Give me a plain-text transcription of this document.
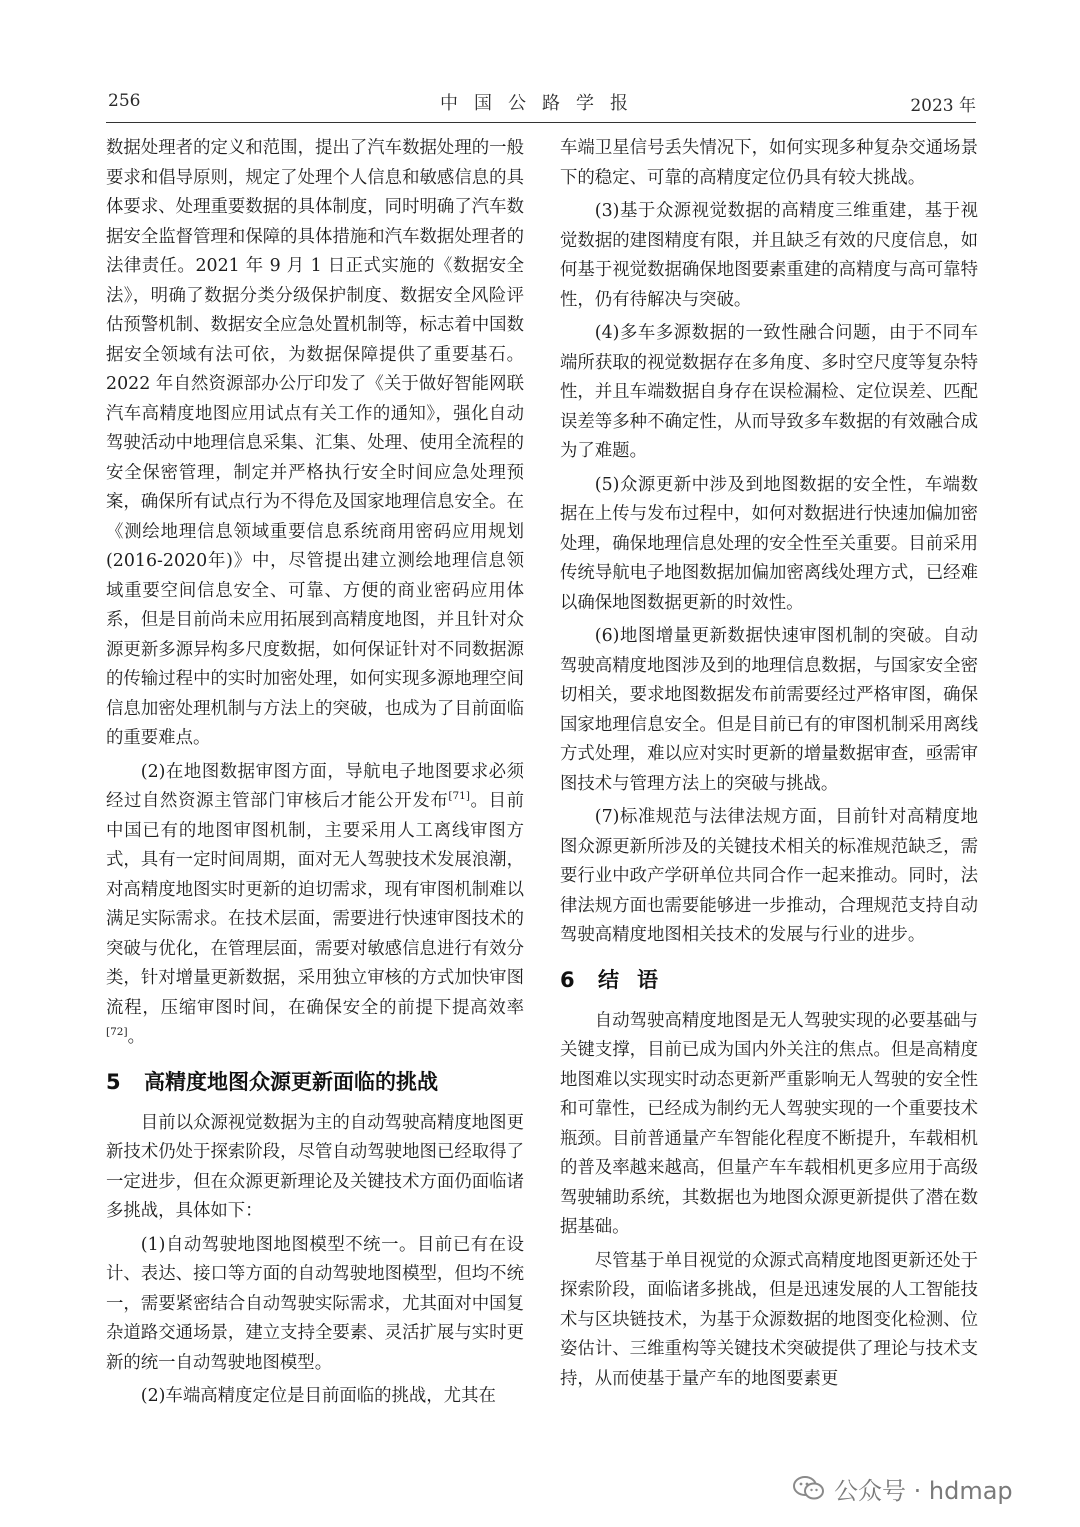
256	中国公路学报	2023 年

数据处理者的定义和范围，提出了汽车数据处理的一般要求和倡导原则，规定了处理个人信息和敏感信息的具体要求、处理重要数据的具体制度，同时明确了汽车数据安全监督管理和保障的具体措施和汽车数据处理者的法律责任。2021 年 9 月 1 日正式实施的《数据安全法》，明确了数据分类分级保护制度、数据安全风险评估预警机制、数据安全应急处置机制等，标志着中国数据安全领域有法可依，为数据保障提供了重要基石。2022 年自然资源部办公厅印发了《关于做好智能网联汽车高精度地图应用试点有关工作的通知》，强化自动驾驶活动中地理信息采集、汇集、处理、使用全流程的安全保密管理，制定并严格执行安全时间应急处理预案，确保所有试点行为不得危及国家地理信息安全。在《测绘地理信息领域重要信息系统商用密码应用规划(2016-2020年)》中，尽管提出建立测绘地理信息领域重要空间信息安全、可靠、方便的商业密码应用体系，但是目前尚未应用拓展到高精度地图，并且针对众源更新多源异构多尺度数据，如何保证针对不同数据源的传输过程中的实时加密处理，如何实现多源地理空间信息加密处理机制与方法上的突破，也成为了目前面临的重要难点。

(2)在地图数据审图方面，导航电子地图要求必须经过自然资源主管部门审核后才能公开发布[71]。目前中国已有的地图审图机制，主要采用人工离线审图方式，具有一定时间周期，面对无人驾驶技术发展浪潮，对高精度地图实时更新的迫切需求，现有审图机制难以满足实际需求。在技术层面，需要进行快速审图技术的突破与优化，在管理层面，需要对敏感信息进行有效分类，针对增量更新数据，采用独立审核的方式加快审图流程，压缩审图时间，在确保安全的前提下提高效率[72]。

5 高精度地图众源更新面临的挑战

目前以众源视觉数据为主的自动驾驶高精度地图更新技术仍处于探索阶段，尽管自动驾驶地图已经取得了一定进步，但在众源更新理论及关键技术方面仍面临诸多挑战，具体如下：

(1)自动驾驶地图地图模型不统一。目前已有在设计、表达、接口等方面的自动驾驶地图模型，但均不统一，需要紧密结合自动驾驶实际需求，尤其面对中国复杂道路交通场景，建立支持全要素、灵活扩展与实时更新的统一自动驾驶地图模型。

(2)车端高精度定位是目前面临的挑战，尤其在

车端卫星信号丢失情况下，如何实现多种复杂交通场景下的稳定、可靠的高精度定位仍具有较大挑战。

(3)基于众源视觉数据的高精度三维重建，基于视觉数据的建图精度有限，并且缺乏有效的尺度信息，如何基于视觉数据确保地图要素重建的高精度与高可靠特性，仍有待解决与突破。

(4)多车多源数据的一致性融合问题，由于不同车端所获取的视觉数据存在多角度、多时空尺度等复杂特性，并且车端数据自身存在误检漏检、定位误差、匹配误差等多种不确定性，从而导致多车数据的有效融合成为了难题。

(5)众源更新中涉及到地图数据的安全性，车端数据在上传与发布过程中，如何对数据进行快速加偏加密处理，确保地理信息处理的安全性至关重要。目前采用传统导航电子地图数据加偏加密离线处理方式，已经难以确保地图数据更新的时效性。

(6)地图增量更新数据快速审图机制的突破。自动驾驶高精度地图涉及到的地理信息数据，与国家安全密切相关，要求地图数据发布前需要经过严格审图，确保国家地理信息安全。但是目前已有的审图机制采用离线方式处理，难以应对实时更新的增量数据审查，亟需审图技术与管理方法上的突破与挑战。

(7)标准规范与法律法规方面，目前针对高精度地图众源更新所涉及的关键技术相关的标准规范缺乏，需要行业中政产学研单位共同合作一起来推动。同时，法律法规方面也需要能够进一步推动，合理规范支持自动驾驶高精度地图相关技术的发展与行业的进步。

6 结语

自动驾驶高精度地图是无人驾驶实现的必要基础与关键支撑，目前已成为国内外关注的焦点。但是高精度地图难以实现实时动态更新严重影响无人驾驶的安全性和可靠性，已经成为制约无人驾驶实现的一个重要技术瓶颈。目前普通量产车智能化程度不断提升，车载相机的普及率越来越高，但量产车车载相机更多应用于高级驾驶辅助系统，其数据也为地图众源更新提供了潜在数据基础。

尽管基于单目视觉的众源式高精度地图更新还处于探索阶段，面临诸多挑战，但是迅速发展的人工智能技术与区块链技术，为基于众源数据的地图变化检测、位姿估计、三维重构等关键技术突破提供了理论与技术支持，从而使基于量产车的地图要素更

公众号 · hdmap
